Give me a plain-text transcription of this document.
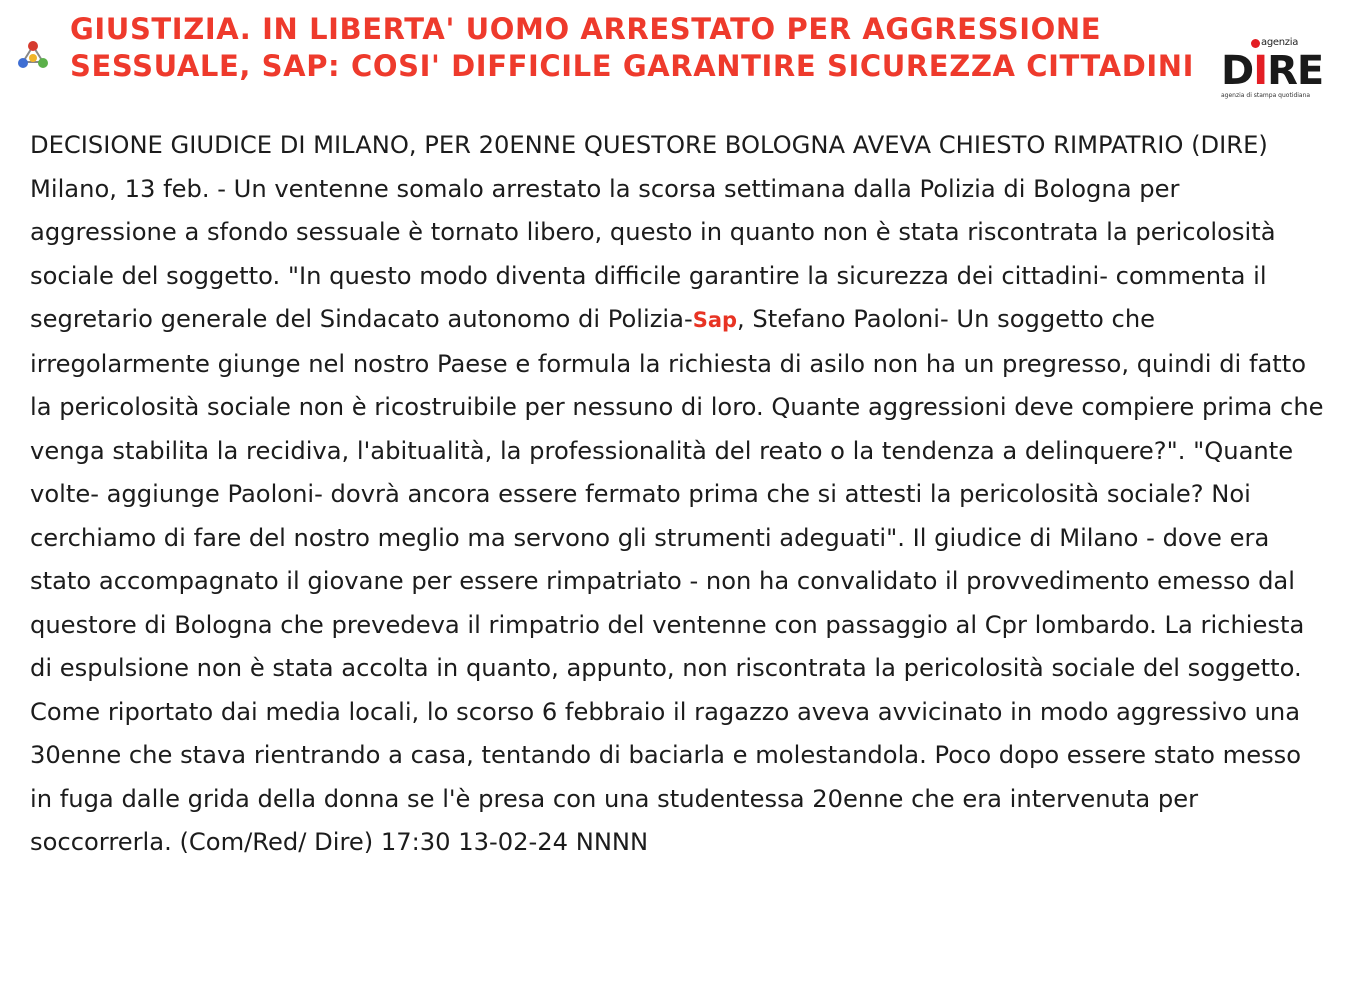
GIUSTIZIA. IN LIBERTA' UOMO ARRESTATO PER AGGRESSIONE SESSUALE, SAP: COSI' DIFFICILE GARANTIRE SICUREZZA CITTADINI
agenzia
DIRE
agenzia di stampa quotidiana

DECISIONE GIUDICE DI MILANO, PER 20ENNE QUESTORE BOLOGNA AVEVA CHIESTO RIMPATRIO (DIRE) Milano, 13 feb. - Un ventenne somalo arrestato la scorsa settimana dalla Polizia di Bologna per aggressione a sfondo sessuale è tornato libero, questo in quanto non è stata riscontrata la pericolosità sociale del soggetto. "In questo modo diventa difficile garantire la sicurezza dei cittadini- commenta il segretario generale del Sindacato autonomo di Polizia-Sap, Stefano Paoloni- Un soggetto che irregolarmente giunge nel nostro Paese e formula la richiesta di asilo non ha un pregresso, quindi di fatto la pericolosità sociale non è ricostruibile per nessuno di loro. Quante aggressioni deve compiere prima che venga stabilita la recidiva, l'abitualità, la professionalità del reato o la tendenza a delinquere?". "Quante volte- aggiunge Paoloni- dovrà ancora essere fermato prima che si attesti la pericolosità sociale? Noi cerchiamo di fare del nostro meglio ma servono gli strumenti adeguati". Il giudice di Milano - dove era stato accompagnato il giovane per essere rimpatriato - non ha convalidato il provvedimento emesso dal questore di Bologna che prevedeva il rimpatrio del ventenne con passaggio al Cpr lombardo. La richiesta di espulsione non è stata accolta in quanto, appunto, non riscontrata la pericolosità sociale del soggetto. Come riportato dai media locali, lo scorso 6 febbraio il ragazzo aveva avvicinato in modo aggressivo una 30enne che stava rientrando a casa, tentando di baciarla e molestandola. Poco dopo essere stato messo in fuga dalle grida della donna se l'è presa con una studentessa 20enne che era intervenuta per soccorrerla. (Com/Red/ Dire) 17:30 13-02-24 NNNN
